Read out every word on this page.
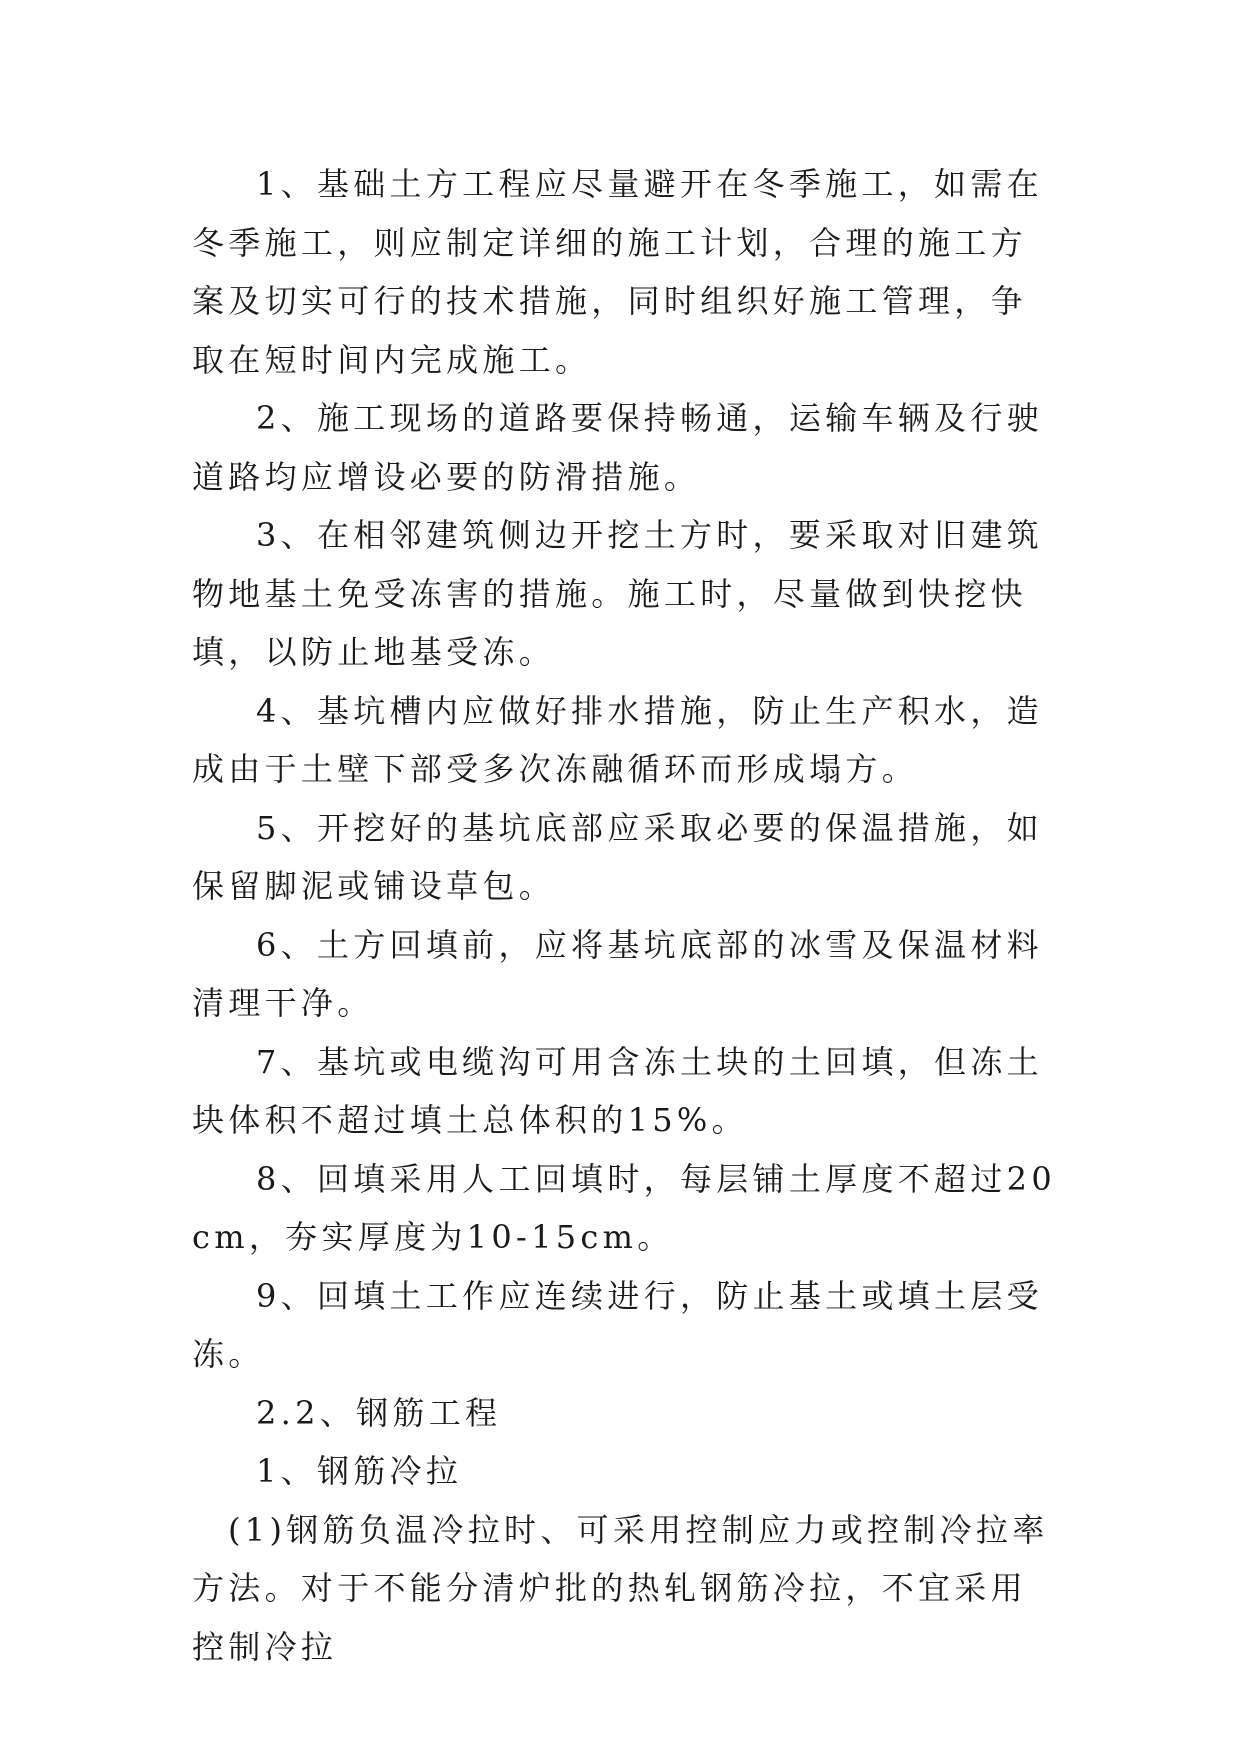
1、基础土方工程应尽量避开在冬季施工，如需在冬季施工，则应制定详细的施工计划，合理的施工方案及切实可行的技术措施，同时组织好施工管理，争取在短时间内完成施工。

2、施工现场的道路要保持畅通，运输车辆及行驶道路均应增设必要的防滑措施。

3、在相邻建筑侧边开挖土方时，要采取对旧建筑物地基土免受冻害的措施。施工时，尽量做到快挖快填，以防止地基受冻。

4、基坑槽内应做好排水措施，防止生产积水，造成由于土壁下部受多次冻融循环而形成塌方。

5、开挖好的基坑底部应采取必要的保温措施，如保留脚泥或铺设草包。

6、土方回填前，应将基坑底部的冰雪及保温材料清理干净。

7、基坑或电缆沟可用含冻土块的土回填，但冻土块体积不超过填土总体积的15%。

8、回填采用人工回填时，每层铺土厚度不超过20cm，夯实厚度为10-15cm。

9、回填土工作应连续进行，防止基土或填土层受冻。

2.2、钢筋工程

1、钢筋冷拉

(1)钢筋负温冷拉时、可采用控制应力或控制冷拉率方法。对于不能分清炉批的热轧钢筋冷拉，不宜采用控制冷拉
